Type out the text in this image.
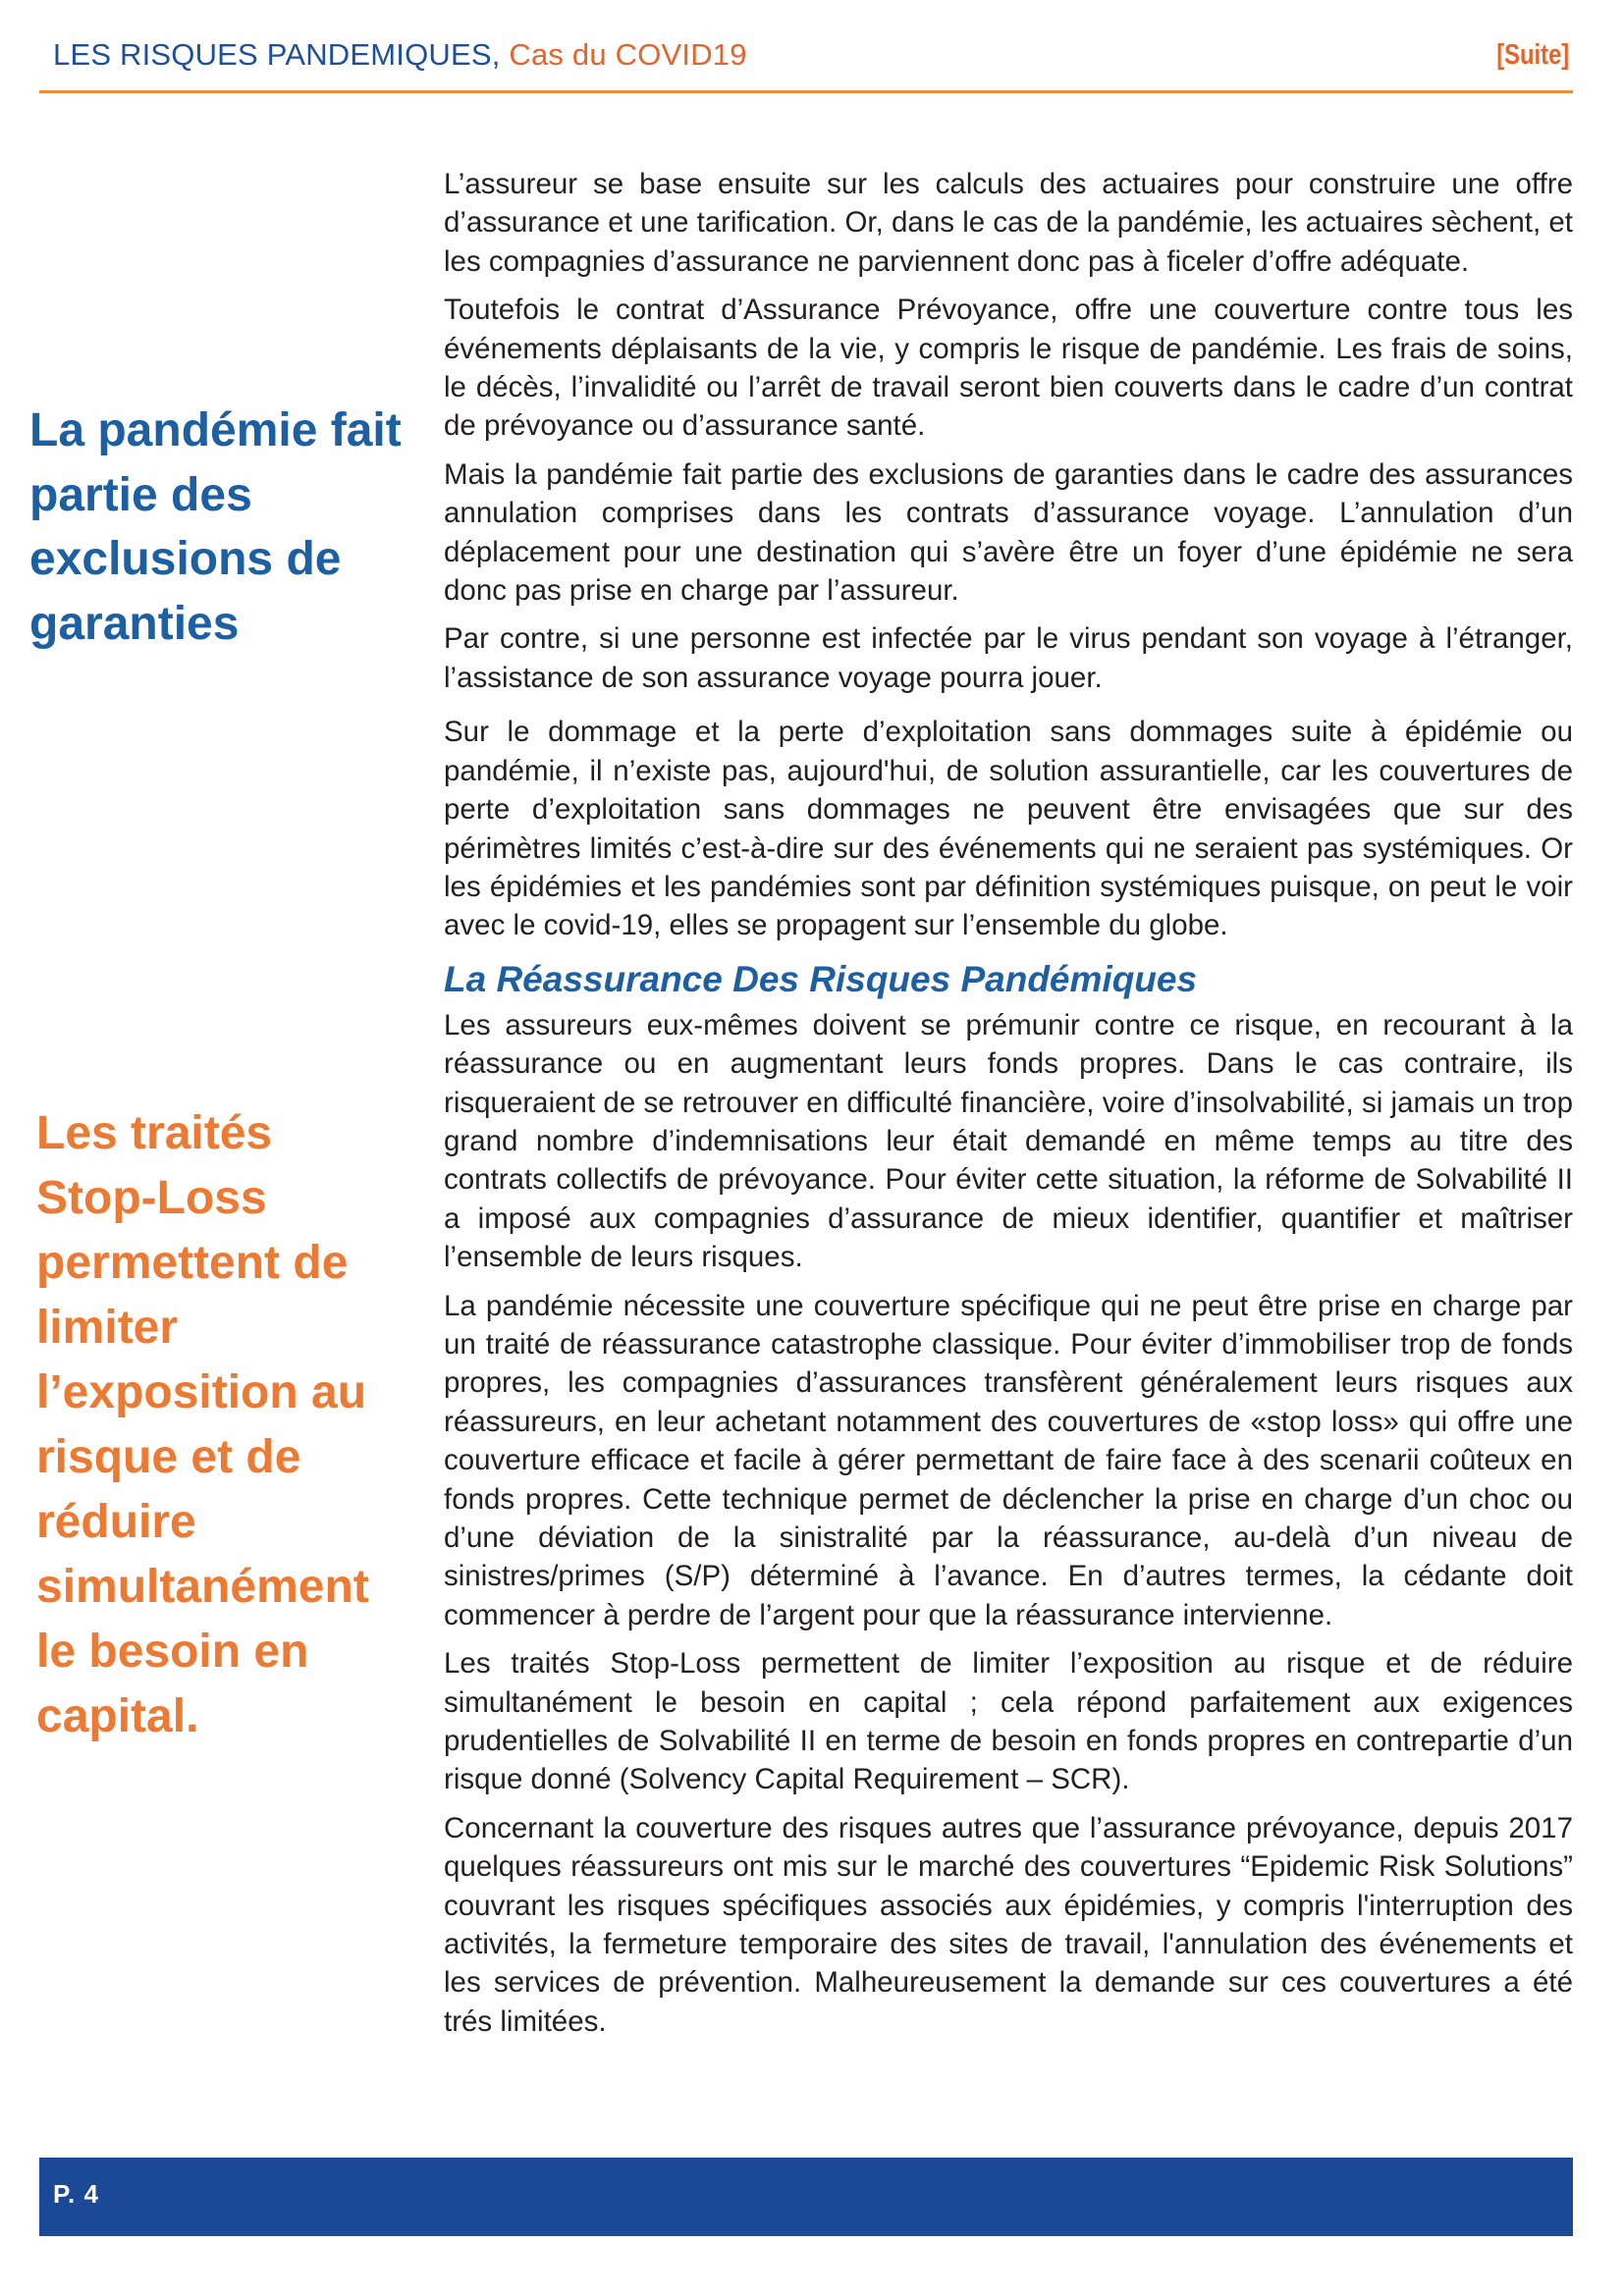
LES RISQUES PANDEMIQUES, Cas du COVID19	[Suite]
La pandémie fait
partie des
exclusions de
garanties
Les traités
Stop-Loss
permettent de
limiter
l’exposition au
risque et de
réduire
simultanément
le besoin en
capital.

L’assureur se base ensuite sur les calculs des actuaires pour construire une offre d’assurance et une tarification. Or, dans le cas de la pandémie, les actuaires sèchent, et les compagnies d’assurance ne parviennent donc pas à ficeler d’offre adéquate.

Toutefois le contrat d’Assurance Prévoyance, offre une couverture contre tous les événements déplaisants de la vie, y compris le risque de pandémie. Les frais de soins, le décès, l’invalidité ou l’arrêt de travail seront bien couverts dans le cadre d’un contrat de prévoyance ou d’assurance santé.

Mais la pandémie fait partie des exclusions de garanties dans le cadre des assurances annulation comprises dans les contrats d’assurance voyage. L’annulation d’un déplacement pour une destination qui s’avère être un foyer d’une épidémie ne sera donc pas prise en charge par l’assureur.

Par contre, si une personne est infectée par le virus pendant son voyage à l’étranger, l’assistance de son assurance voyage pourra jouer.

Sur le dommage et la perte d’exploitation sans dommages suite à épidémie ou pandémie, il n’existe pas, aujourd'hui, de solution assurantielle, car les couvertures de perte d’exploitation sans dommages ne peuvent être envisagées que sur des périmètres limités c’est-à-dire sur des événements qui ne seraient pas systémiques. Or les épidémies et les pandémies sont par définition systémiques puisque, on peut le voir avec le covid-19, elles se propagent sur l’ensemble du globe.

La Réassurance Des Risques Pandémiques

Les assureurs eux-mêmes doivent se prémunir contre ce risque, en recourant à la réassurance ou en augmentant leurs fonds propres. Dans le cas contraire, ils risqueraient de se retrouver en difficulté financière, voire d’insolvabilité, si jamais un trop grand nombre d’indemnisations leur était demandé en même temps au titre des contrats collectifs de prévoyance. Pour éviter cette situation, la réforme de Solvabilité II a imposé aux compagnies d’assurance de mieux identifier, quantifier et maîtriser l’ensemble de leurs risques.

La pandémie nécessite une couverture spécifique qui ne peut être prise en charge par un traité de réassurance catastrophe classique. Pour éviter d’immobiliser trop de fonds propres, les compagnies d’assurances transfèrent généralement leurs risques aux réassureurs, en leur achetant notamment des couvertures de «stop loss» qui offre une couverture efficace et facile à gérer permettant de faire face à des scenarii coûteux en fonds propres. Cette technique permet de déclencher la prise en charge d’un choc ou d’une déviation de la sinistralité par la réassurance, au-delà d’un niveau de sinistres/primes (S/P) déterminé à l’avance. En d’autres termes, la cédante doit commencer à perdre de l’argent pour que la réassurance intervienne.

Les traités Stop-Loss permettent de limiter l’exposition au risque et de réduire simultanément le besoin en capital ; cela répond parfaitement aux exigences prudentielles de Solvabilité II en terme de besoin en fonds propres en contrepartie d’un risque donné (Solvency Capital Requirement – SCR).

Concernant la couverture des risques autres que l’assurance prévoyance, depuis 2017 quelques réassureurs ont mis sur le marché des couvertures “Epidemic Risk Solutions” couvrant les risques spécifiques associés aux épidémies, y compris l'interruption des activités, la fermeture temporaire des sites de travail, l'annulation des événements et les services de prévention. Malheureusement la demande sur ces couvertures a été trés limitées.

P. 4
